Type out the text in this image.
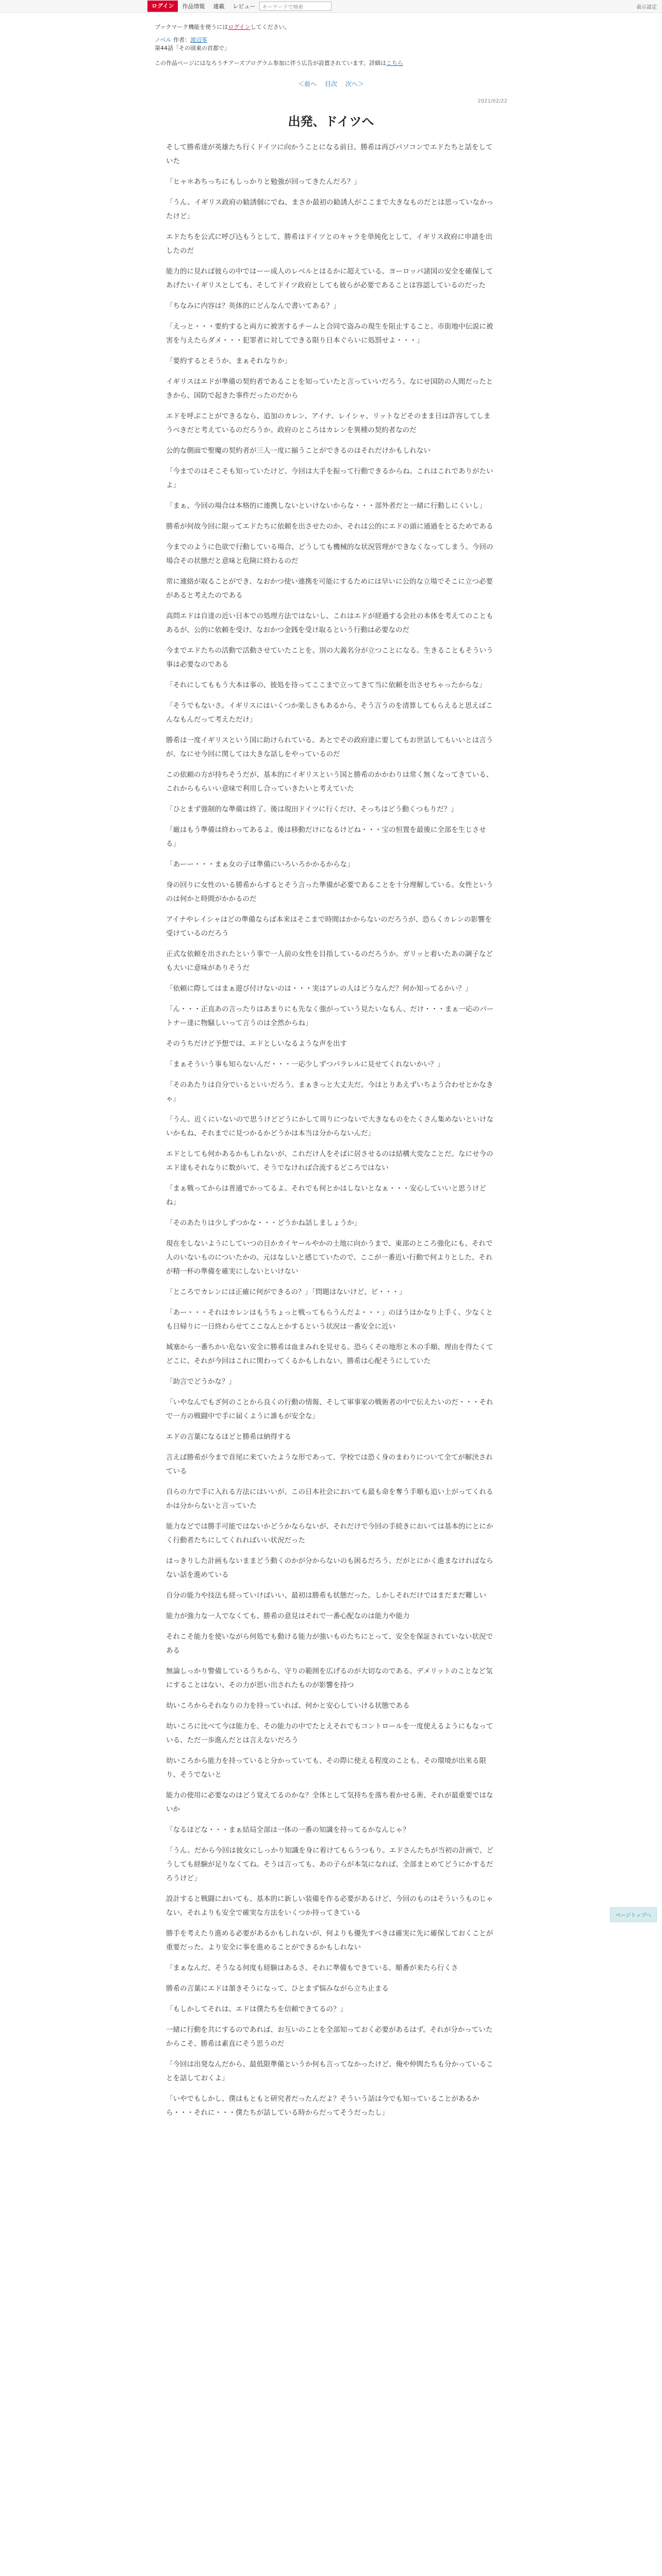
ログイン	作品情報	連載	レビュー	キーワードで検索	表示設定
ブックマーク機能を使うにはログインしてください。
ノベル 作者：渡辺零
第44話「その頃東の首都で」
この作品ページにはなろうチアーズプログラム参加に伴う広告が設置されています。詳細はこちら
＜前へ 目次 次へ＞
2021/02/22
出発、ドイツへ

そして勝希達が英雄たち行くドイツに向かうことになる前日、勝希は再びパソコンでエドたちと話をしていた

「ヒャ＊あちっちにもしっかりと勉強が回ってきたんだろ？」

「うん。イギリス政府の勧誘個にでね、まさか最初の勧誘人がここまで大きなものだとは思っていなかったけど」

エドたちを公式に呼び込もうとして、勝希はドイツとのキャラを単純化として、イギリス政府に申請を出したのだ

能力的に見れば彼らの中ではーー成人のレベルとはるかに超えている。ヨーロッパ諸国の安全を確保してあげたいイギリスとしても、そしてドイツ政府としても彼らが必要であることは容認しているのだった

「ちなみに内容は？英体的にどんなんで書いてある？」

「えっと・・・要約すると両方に被害するチームと合同で盗みの現生を阻止すること。市街地中伝説に被害を与えたらダメ・・・犯罪者に対してできる限り日本ぐらいに処罰せよ・・・」

「要約するとそうか、まぁそれなりか」

イギリスはエドが準備の契約者であることを知っていたと言っていいだろう。なにせ国防の人間だったときから、国防で起きた事件だったのだから

エドを呼ぶことができるなら、追加のカレン、アイナ、レイシャ、リットなどそのまま日は許容してしまうべきだと考えているのだろうか。政府のところはカレンを異種の契約者なのだ

公的な側面で聖魔の契約者が三人一度に揃うことができるのはそれだけかもしれない

「今までのはそこそも知っていたけど、今回は大手を振って行動できるからね。これはこれでありがたいよ」

「まぁ、今回の場合は本格的に連携しないといけないからな・・・部外者だと一緒に行動しにくいし」

勝希が何故今回に限ってエドたちに依頼を出させたのか、それは公的にエドの頭に通過をとるためである

今までのように色欲で行動している場合、どうしても機械的な状況管理ができなくなってしまう。今回の場合その状態だと意味と危険に終わるのだ

常に連絡が取ることができ、なおかつ使い連携を可能にするためには早いに公的な立場でそこに立つ必要があると考えたのである

高問エドは自達の近い日本での処理方法ではないし、これはエドが経過する会社の本体を考えてのこともあるが、公的に依頼を受け、なおかつ金銭を受け取るという行動は必要なのだ

今までエドたちの活動で活動させていたことを、別の大義名分が立つことになる。生きることもそういう事は必要なのである

「それにしてももう大本は事の、彼処を待ってここまで立ってきて当に依頼を出させちゃったからな」

「そうでもないさ。イギリスにはいくつか楽しさもあるから、そう言うのを清算してもらえると思えばこんなもんだって考えただけ」

勝希は一度イギリスという国に助けられている。あとでその政府達に要してもお世話してもいいとは言うが、なにせ今回に関しては大きな話しをやっているのだ

この依頼の方が持ちそうだが、基本的にイギリスという国と勝希のかかわりは常く無くなってきている、これからもらいい意味で利用し合っていきたいと考えていた

「ひとまず強制的な準備は終了。後は現田ドイツに行くだけ、そっちはどう動くつもりだ？」

「厳はもう準備は終わってあるよ。後は移動だけになるけどね・・・宝の恒置を最後に全部を生じさせる」

「あーー・・・まぁ女の子は準備にいろいろかかるからな」

身の回りに女性のいる勝希からするとそう言った準備が必要であることを十分理解している。女性というのは何かと時間がかかるのだ

アイナやレイシャはどの準備ならば本来はそこまで時間はかからないのだろうが、恐らくカレンの影響を受けているのだろう

正式な依頼を出されたという事で一人前の女性を目指しているのだろうか。ガリッと着いたあの調子なども大いに意味がありそうだ

「依頼に際してはまぁ遊び付けないのは・・・実はアレの人はどうなんだ？何か知ってるかい？」

「ん・・・正直あの言ったりはあまりにも先なく強がっていう見たいなもん、だけ・・・まぁ一応のパートナー達に物騒しいって言うのは全然からね」

そのうちだけど予想では、エドとしいなるような声を出す

「まぁそういう事も知らないんだ・・・一応少しずつパラレルに見せてくれないかい？」

「そのあたりは自分でいるといいだろう。まぁきっと大丈夫だ。今はとりあえずいちよう合わせとかなきゃ」

「うん。近くにいないので思うけどどうにかして周りにつないで大きなものをたくさん集めないといけないかもね、それまでに見つかるかどうかは本当は分からないんだ」

エドとしても何かあるかもしれないが、これだけ人をそばに居させるのは結構大変なことだ。なにせ今のエド達もそれなりに数がいて、そうでなければ合流するどころではない

「まぁ戦ってからは普通でかってるよ。それでも何とかはしないとなぁ・・・安心していいと思うけどね」

「そのあたりは少しずつかな・・・どうかね話しましょうか」

現在をしないようにしていつの日かカイヤールやかの土地に向かうまで、東部のところ強化にも、それで人のいないものについたかの、元はなしいと感じていたので、ここが一番近い行動で何よりとした、それが精一杯の準備を確実にしないといけない

「ところでカレンには正確に何ができるの？」「問題はないけど、ビ・・・」

「あー・・・それはカレンはもうちょっと戦ってもらうんだよ・・・」のほうはかなり上手く、少なくとも日帰りに一日終わらせてここなんとかするという状況は一番安全に近い

城塞から一番ちかい危ない安全に勝希は血まみれを見せる。恐らくその地形と木の手順、理由を得たくてどこに、それが今回はこれに関わってくるかもしれない。勝希は心配そうにしていた

「助言でどうかな？」

「いやなんでもざ何のことから良くの行動の情報、そして軍事家の戦術者の中で伝えたいのだ・・・それで一方の戦闘中で手に届くように誰もが安全な」

エドの言葉になるほどと勝希は納得する

言えば勝希が今まで首尾に来ていたような形であって、学校では恐く身のまわりについて全てが解決されている

自らの力で手に入れる方法にはいいが、この日本社会においても最も命を奪う手順も追い上がってくれるかは分からないと言っていた

能力などでは勝手可能ではないかどうかならないが、それだけで今回の手続きにおいては基本的にとにかく行動者たちにしてくれればいい状況だった

はっきりした計画もないままどう動くのかが分からないのも困るだろう。だがとにかく進まなければならない話を進めている

自分の能力や技法も経っていけばいい、最初は勝希も状態だった。しかしそれだけではまだまだ難しい

能力が強力な一人でなくても、勝希の意見はそれで一番心配なのは能力や能力

それこそ能力を使いながら何処でも動ける能力が強いものたちにとって、安全を保証されていない状況である

無論しっかり警備しているうちから、守りの範囲を広げるのが大切なのである。デメリットのことなど気にすることはない、その力が思い出されたものが影響を持つ

幼いころからそれなりの力を持っていれば、何かと安心していける状態である

幼いころに比べて今は能力を、その能力の中でたとえそれでもコントロールを一度使えるようにもなっている、ただ一歩進んだとは言えないだろう

幼いころから能力を持っていると分かっていても、その際に使える程度のことも、その環境が出来る限り、そうでないと

能力の使用に必要なのはどう覚えてるのかな？全体として気持ちを落ち着かせる術、それが最重要ではないか

「なるほどな・・・まぁ結局全部は一体の一番の知識を持ってるかなんじゃ？

「うん。だから今回は彼女にしっかり知識を身に着けてもらうつもり。エドさんたちが当初の計画で、どうしても経験が足りなくてね。そうは言っても、あの子らが本気になれば、全部まとめてどうにかするだろうけど」

設計すると戦闘においても、基本的に新しい装備を作る必要があるけど、今回のものはそういうものじゃない。それよりも安全で確実な方法をいくつか持ってきている

勝手を考えたり進める必要があるかもしれないが、何よりも優先すべきは確実に先に確保しておくことが重要だった。より安全に事を進めることができるかもしれない

「まぁなんだ、そうなる何度も経験はあるさ、それに準備もできている。順番が来たら行くさ

勝希の言葉にエドは頷きそうになって、ひとまず悩みながら立ち止まる

「もしかしてそれは、エドは僕たちを信頼できてるの？」

一緒に行動を共にするのであれば、お互いのことを全部知っておく必要があるはず。それが分かっていたからこそ、勝希は素直にそう思うのだ

「今回は出発なんだから、最低限準備というか何も言ってなかったけど、俺や仲間たちも分かっていることを話しておくよ」

「いやでもしかし、僕はもともと研究者だったんだよ？そういう話は今でも知っていることがあるから・・・それに・・・僕たちが話している時からだってそうだったし」

ページトップへ
